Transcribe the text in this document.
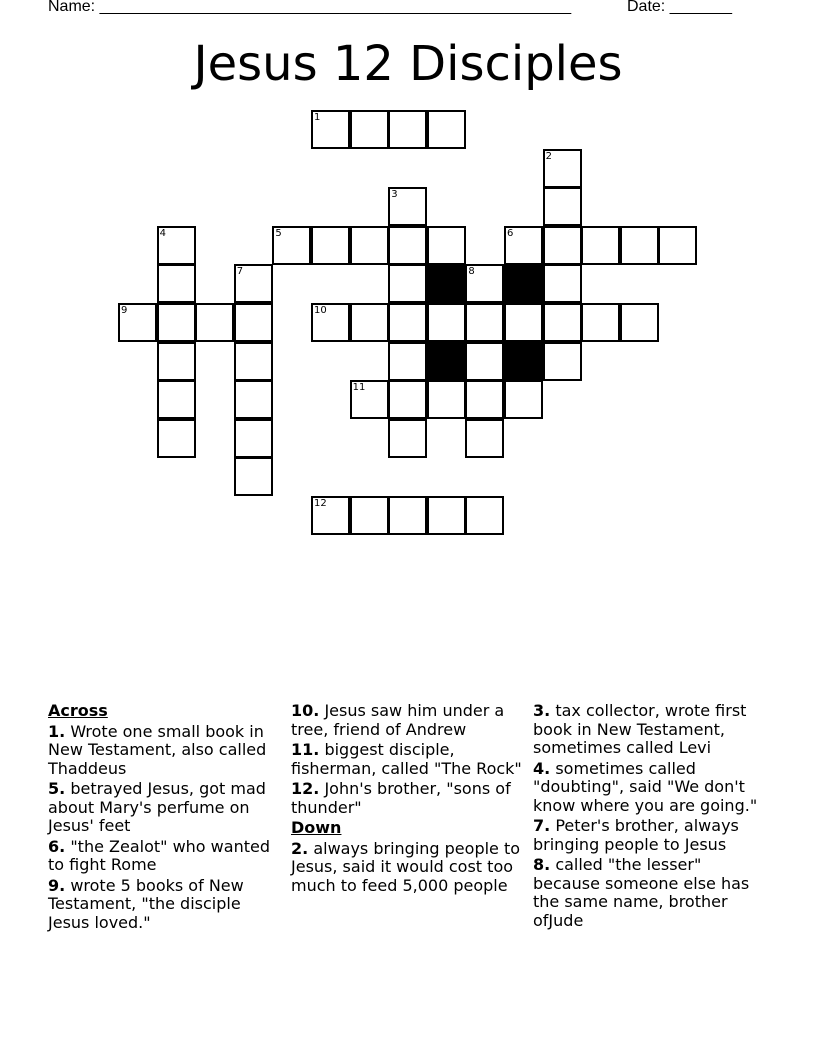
Name: _____________________________________________________	Date: _______
Jesus 12 Disciples
1
2
3
4	5	6
7	8
9	10
11
12
Across
1. Wrote one small book in New Testament, also called Thaddeus
5. betrayed Jesus, got mad about Mary's perfume on Jesus' feet
6. "the Zealot" who wanted to fight Rome
9. wrote 5 books of New Testament, "the disciple Jesus loved."
10. Jesus saw him under a tree, friend of Andrew
11. biggest disciple, fisherman, called "The Rock"
12. John's brother, "sons of thunder"
Down
2. always bringing people to Jesus, said it would cost too much to feed 5,000 people
3. tax collector, wrote first book in New Testament, sometimes called Levi
4. sometimes called "doubting", said "We don't know where you are going."
7. Peter's brother, always bringing people to Jesus
8. called "the lesser" because someone else has the same name, brother ofJude
